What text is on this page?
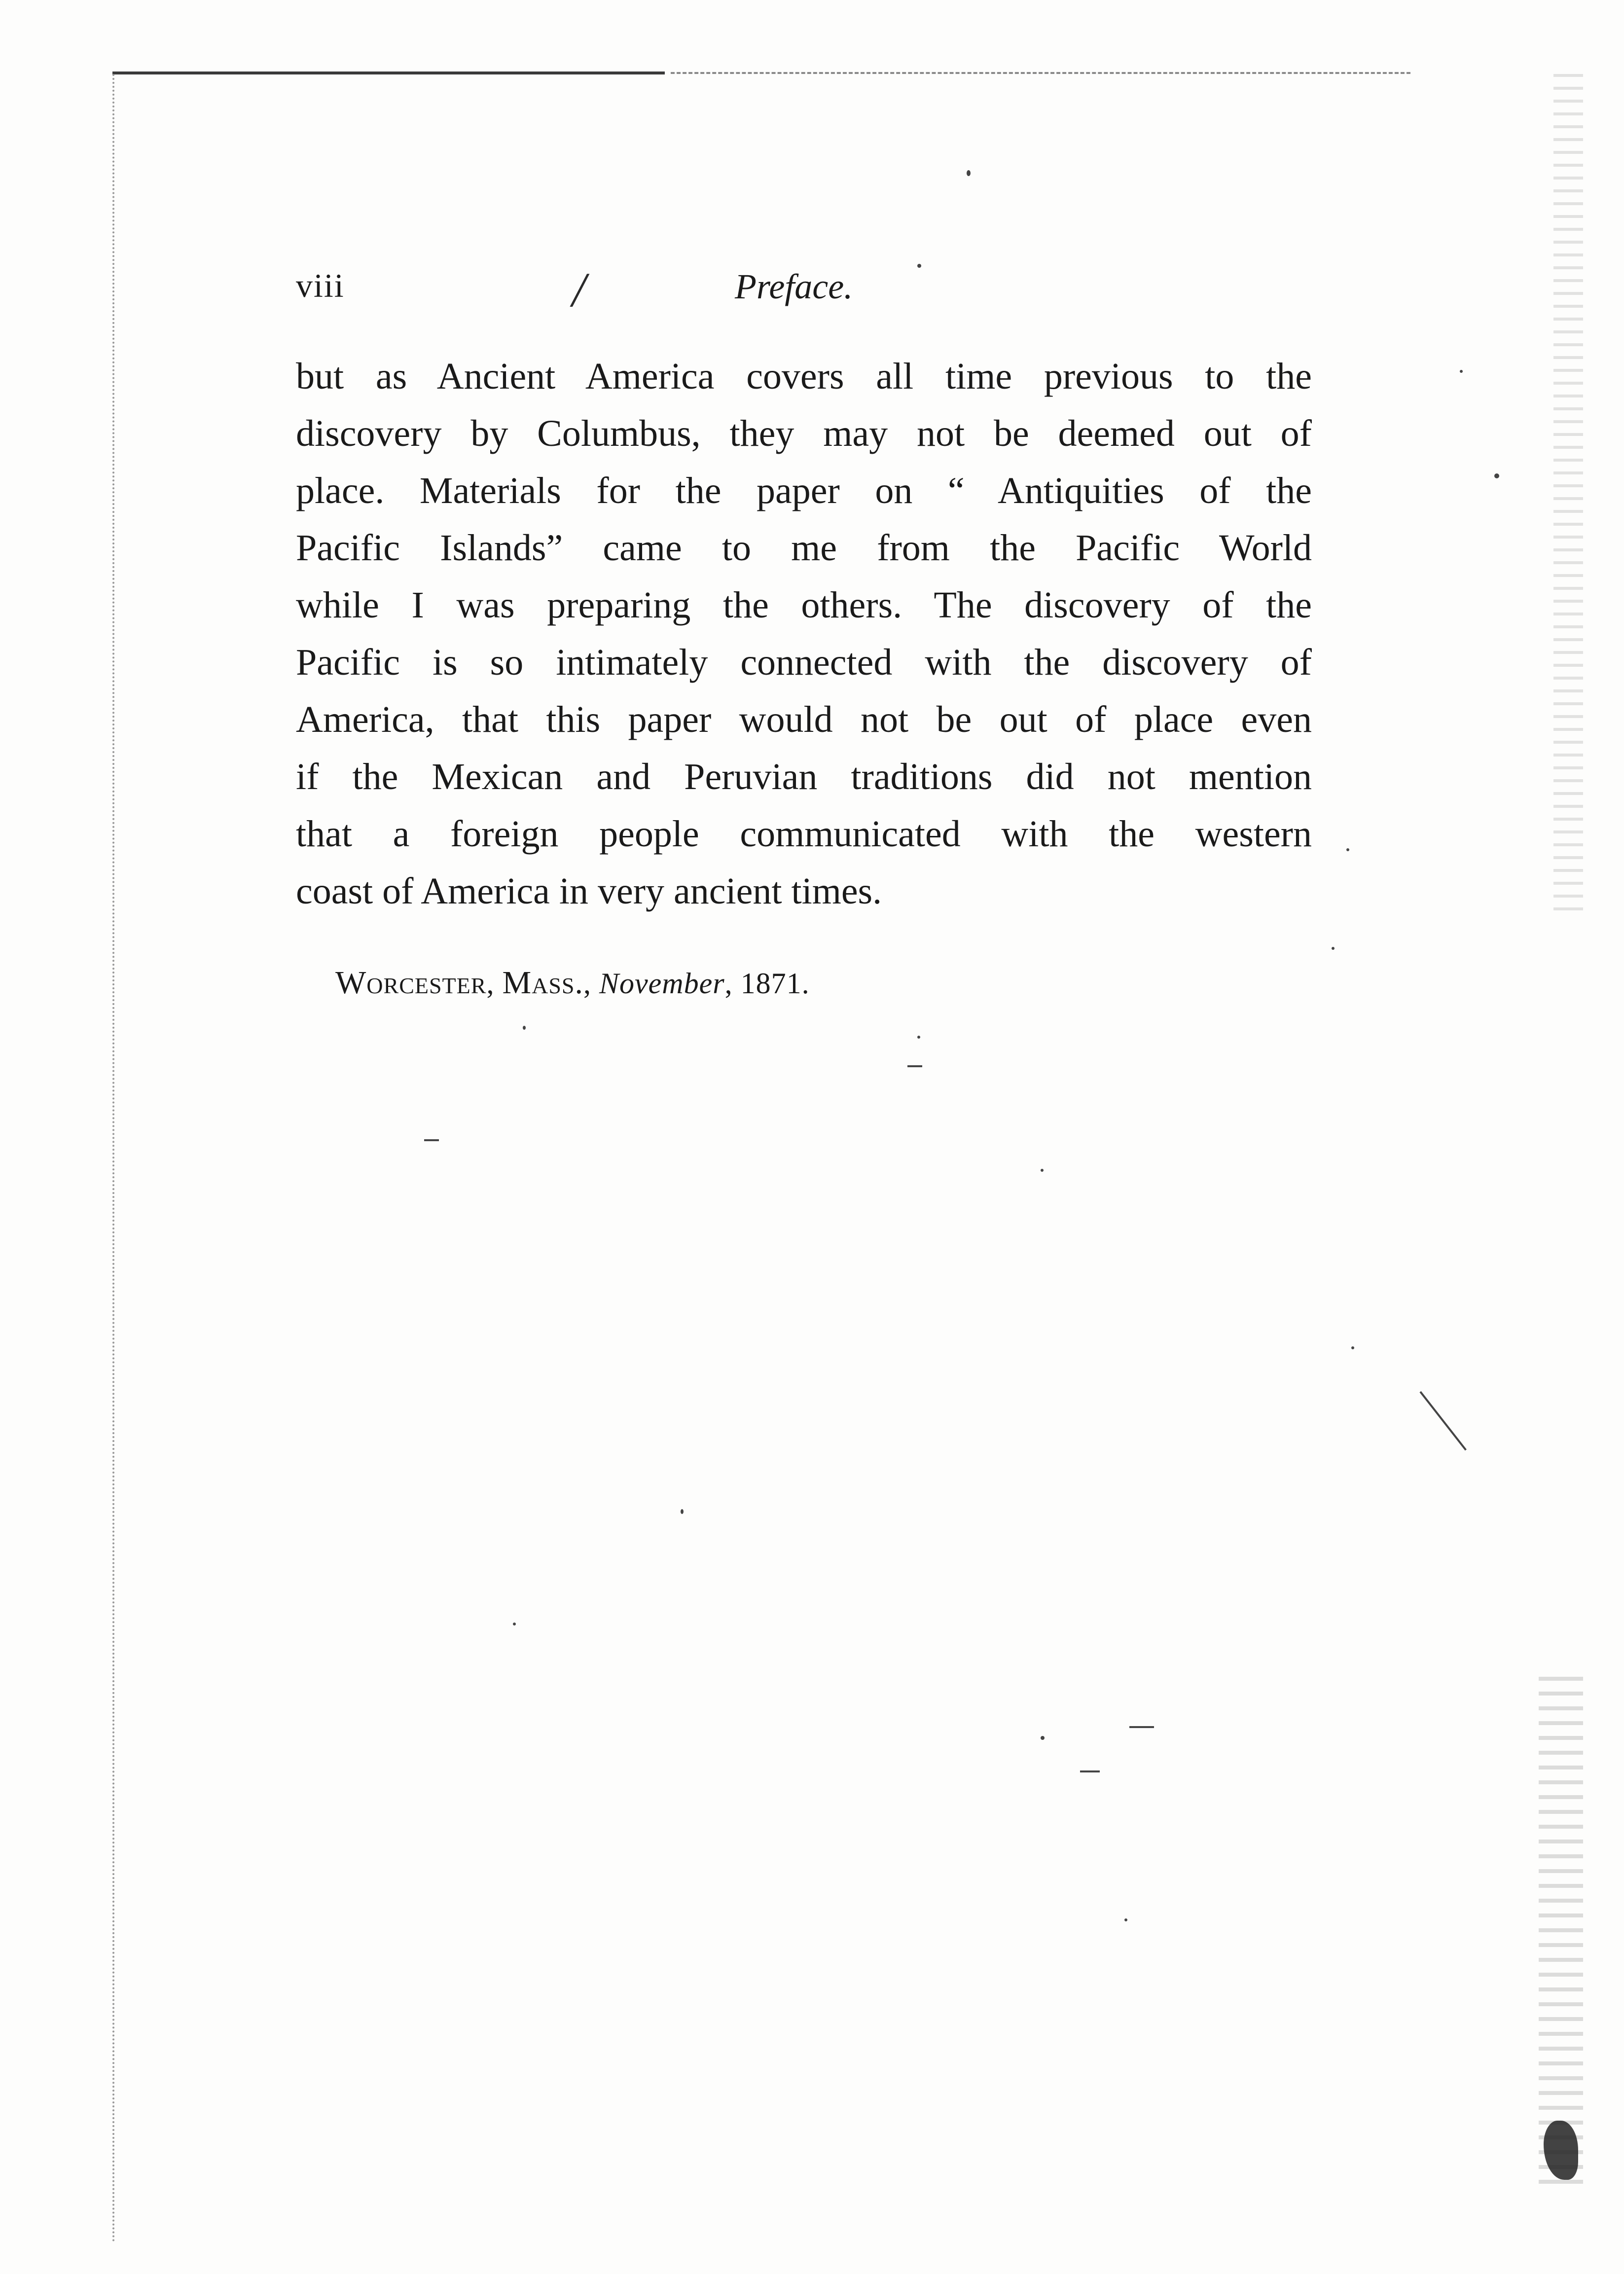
viii	/	Preface.
but as Ancient America covers all time previous to the
discovery by Columbus, they may not be deemed out of
place. Materials for the paper on “ Antiquities of the
Pacific Islands” came to me from the Pacific World
while I was preparing the others. The discovery of the
Pacific is so intimately connected with the discovery of
America, that this paper would not be out of place even
if the Mexican and Peruvian traditions did not mention
that a foreign people communicated with the western
coast of America in very ancient times.
Worcester, Mass., November, 1871.
